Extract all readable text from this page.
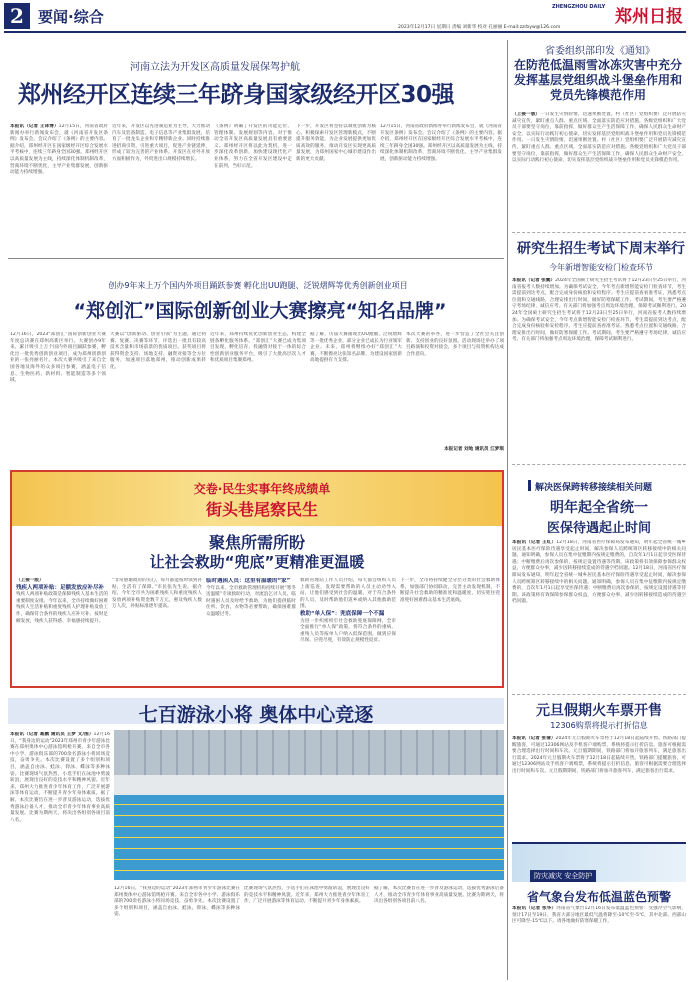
2 要闻·综合
ZHENGZHOU DAILY 郑州日报
2023年12月17日 星期日 责编 刘新华 校对 孔丽丽 E-mail:zzrbyw@126.com
河南立法为开发区高质量发展保驾护航
郑州经开区连续三年跻身国家级经开区30强
本报讯（记者 王译博）12月15日，河南省政府新闻办举行新闻发布会，就《河南省开发区条例》发布会。会议介绍了《条例》的主要内容。据介绍，郑州经开区在国家级经开区综合发展水平考核中，连续三年跻身全国30强。郑州经开区以高质量发展为主线，持续深化体制机制改革，营商环境不断优化，主导产业集群发展，创新驱动能力持续增强。
近年来，开发区以先进制造业为主导，大力推动汽车及装备制造、电子信息等产业集群发展，培育了一批龙头企业和专精特新企业。同时持续推进招商引资，引进重大项目，促进产业链延伸，形成了较为完善的产业体系。开发区在对外开放方面积极作为，外贸进出口规模持续增长。
《条例》明确了开发区的功能定位、管理体制、发展规划等内容，对于推动全省开发区高质量发展具有重要意义。郑州经开区将以此为契机，进一步深化改革创新，加快建设现代化产业体系，努力在全省开发区建设中走在前列，当好示范。
下一步，开发区将坚持以制度创新为核心，积极探索开发区管理新模式，不断提升服务效能，为企业发展提供更加优质高效的服务，推动开发区实现更高质量发展，为郑州国家中心城市建设作出新的更大贡献。
12月15日，河南省政府新闻办举行新闻发布会，就《河南省开发区条例》发布会。会议介绍了《条例》的主要内容。据介绍，郑州经开区在国家级经开区综合发展水平考核中，连续三年跻身全国30强。郑州经开区以高质量发展为主线，持续深化体制机制改革，营商环境不断优化，主导产业集群发展，创新驱动能力持续增强。
省委组织部印发《通知》
在防范低温雨雪冰冻灾害中充分发挥基层党组织战斗堡垒作用和党员先锋模范作用
（上接一版）一日发生灾情险情，迅速果断处置。村（社区）党组织要广泛开展防灾减灾宣传，紧盯重点人群、重点区域，全面落实防范应对措施。各级党组织和广大党员干部要坚守岗位，靠前指挥，做好群众生产生活保障工作，确保人民群众生命财产安全，以实际行动践行初心使命，切实发挥基层党组织战斗堡垒作用和党员先锋模范作用。一日发生灾情险情，迅速果断处置。村（社区）党组织要广泛开展防灾减灾宣传，紧盯重点人群、重点区域，全面落实防范应对措施。各级党组织和广大党员干部要坚守岗位，靠前指挥，做好群众生产生活保障工作，确保人民群众生命财产安全，以实际行动践行初心使命，切实发挥基层党组织战斗堡垒作用和党员先锋模范作用。
研究生招生考试下周末举行
今年新增智能安检门检查环节
本报讯（记者 张鹏）2024年全国硕士研究生招生考试将于12月23日至25日举行，河南省报考人数持续增加。为确保考试安全，今年考点新增智能安检门检查环节，考生需提前到达考点，配合完成身份核验和安检程序。考生应提前查看准考证，熟悉考点位置和交通线路，合理安排出行时间，做好防寒保暖工作。考试期间，考生要严格遵守考场纪律，诚信应考。有关部门将加强考点周边环境治理，保障考试顺利进行。2024年全国硕士研究生招生考试将于12月23日至25日举行，河南省报考人数持续增加。为确保考试安全，今年考点新增智能安检门检查环节，考生需提前到达考点，配合完成身份核验和安检程序。考生应提前查看准考证，熟悉考点位置和交通线路，合理安排出行时间，做好防寒保暖工作。考试期间，考生要严格遵守考场纪律，诚信应考。有关部门将加强考点周边环境治理，保障考试顺利进行。
创办9年来上万个国内外项目踊跃参赛 孵化出UU跑腿、泛锐熠辉等优秀创新创业项目
“郑创汇”国际创新创业大赛擦亮“知名品牌”
12月16日，2023“郑创汇”国际创新创业大赛年度总决赛在郑州高新区举行。大赛创办9年来，累计吸引上万个国内外项目踊跃参赛，孵化出一批优秀创新创业项目，成为郑州创新创业的一张亮丽名片。本次大赛共吸引了来自全国各地及海外的众多项目参赛，涵盖电子信息、生物医药、新材料、智能制造等多个领域。
大赛以“创新驱动、创业引领”为主题，通过初赛、复赛、决赛等环节，评选出一批具有较高技术含量和市场前景的优质项目。获奖项目将获得资金支持、场地支持、融资对接等全方位服务，加速项目落地郑州，推动创新成果转化。
近年来，郑州持续优化创新创业生态，构建全链条孵化服务体系。“郑创汇”大赛已成为集项目发现、孵化培育、投融资对接于一体的综合性创新创业服务平台，吸引了大批高层次人才和优质项目集聚郑州。
据了解，历届大赛涌现出UU跑腿、泛锐熠辉等一批优秀企业，部分企业已成长为行业领军企业。未来，郑州将继续办好“郑创汇”大赛，不断擦亮这张知名品牌，为建设国家创新高地提供有力支撑。
本次大赛的举办，进一步营造了全社会关注创新、支持创业的良好氛围。活动现场还举办了项目路演和投资对接会，多个项目与投资机构达成合作意向。
本报记者 刘地 通讯员 江梦琪
解决医保跨转移接续相关问题
明年起全省统一
医保待遇起止时间
本报讯（记者 王红）12月18日，河南省医疗保障局发布通知，明年起全省统一城乡居民基本医疗保险待遇享受起止时间，解决参保人员跨统筹区转移接续中的相关问题。通知明确，参保人员在集中征缴期内按规定缴费的，自次年1月1日起享受医保待遇；中断缴费后再次参保的，按规定设置待遇等待期。该政策将有效保障参保群众权益，方便群众办事，减少因转移接续造成的待遇空档问题。12月18日，河南省医疗保障局发布通知，明年起全省统一城乡居民基本医疗保险待遇享受起止时间，解决参保人员跨统筹区转移接续中的相关问题。通知明确，参保人员在集中征缴期内按规定缴费的，自次年1月1日起享受医保待遇；中断缴费后再次参保的，按规定设置待遇等待期。该政策将有效保障参保群众权益，方便群众办事，减少因转移接续造成的待遇空档问题。
交卷·民生实事年终成绩单
街头巷尾察民生
聚焦所需所盼
让社会救助“兜底”更精准更温暖
（上接一版）
残疾人两项补贴：足额发放应补尽补
残疾人两项补贴政策是保障残疾人基本生活的重要制度安排。今年以来，全市持续做好困难残疾人生活补贴和重度残疾人护理补贴发放工作，确保符合条件的残疾人应补尽补、按时足额发放，残疾人获得感、幸福感持续提升。
“非常感谢政府的关心，每月都能按时领到补贴，生活有了保障。”市民张先生说。据介绍，今年全市共为困难残疾人和重度残疾人发放两项补贴资金数千万元，惠及残疾人数万人次，补贴标准逐年提高。
临时遇困人员：这里有温暖的“家”
今年以来，全市救助管理机构持续开展“寒冬送温暖”专项救助行动，对流浪乞讨人员、临时遇困人员及时给予救助，为他们提供临时住所、饮食、衣物等必要帮助，确保困难群众温暖过冬。
救助管理站工作人员介绍，每天都会组织人员上街巡查，发现需要帮助的人员主动劝导入站，让他们感受到社会的温暖。对于符合条件的人员，及时帮助他们返乡或纳入其他救助范围。
救助“单人保”：兜底保障一个不漏
为进一步织密织牢社会救助兜底保障网，全市全面推行“单人保”政策，将符合条件的重病、重残人员等按单人户纳入低保范围，做到应保尽保、应兜尽兜，有效防止规模性返贫。
下一步，全市将持续健全分层分类的社会救助体系，加强部门协同联动，完善主动发现机制，不断提升社会救助的精准度和温暖度，切实兜住兜准兜好困难群众基本生活底线。
元旦假期火车票开售
12306购票将提示打折信息
本报讯（记者 张倩）2024年元旦假期火车票将于12月18日起陆续开售。铁路部门提醒旅客，可通过12306网站及手机客户端购票，系统将提示打折信息，旅客可根据需要合理选择出行时间和车次。元旦假期期间，铁路部门将加开旅客列车，满足旅客出行需求。2024年元旦假期火车票将于12月18日起陆续开售。铁路部门提醒旅客，可通过12306网站及手机客户端购票，系统将提示打折信息，旅客可根据需要合理选择出行时间和车次。元旦假期期间，铁路部门将加开旅客列车，满足旅客出行需求。
七百游泳小将 奥体中心竞逐
本报讯（记者 葛鹏 通讯员 王梦 文/图）12月16日，“我身边的运动”2023年郑州市青少年游泳比赛在郑州奥体中心游泳馆鸣枪开赛。来自全市各中小学、游泳俱乐部的700余名游泳小将同场竞技，奋勇争先。本次比赛设置了多个组别和项目，涵盖自由泳、蛙泳、仰泳、蝶泳等多种泳姿。比赛现场气氛热烈，小选手们在泳池中劈波斩浪，展现出良好的竞技水平和精神风貌。近年来，郑州大力推进青少年体育工作，广泛开展游泳等体育运动，不断提升青少年身体素质。据了解，本次比赛旨在进一步普及游泳运动，选拔优秀游泳后备人才，推动全市青少年体育事业高质量发展。比赛为期两天，将决出各组别各项目前八名。
12月16日，“我身边的运动”2023年郑州市青少年游泳比赛在郑州奥体中心游泳馆鸣枪开赛。来自全市各中小学、游泳俱乐部的700余名游泳小将同场竞技，奋勇争先。本次比赛设置了多个组别和项目，涵盖自由泳、蛙泳、仰泳、蝶泳等多种泳姿。
比赛现场气氛热烈，小选手们在泳池中劈波斩浪，展现出良好的竞技水平和精神风貌。近年来，郑州大力推进青少年体育工作，广泛开展游泳等体育运动，不断提升青少年身体素质。
据了解，本次比赛旨在进一步普及游泳运动，选拔优秀游泳后备人才，推动全市青少年体育事业高质量发展。比赛为期两天，将决出各组别各项目前八名。
防灾减灾 安全防护
省气象台发布低温蓝色预警
本报讯（记者 张华）河南省气象台12月16日发布低温蓝色预警：受强冷空气影响，预计17日至19日，我省大部分地区最低气温将降至-10℃至-5℃，其中北部、西部山区可降至-15℃以下。请各地做好防寒保暖工作。
